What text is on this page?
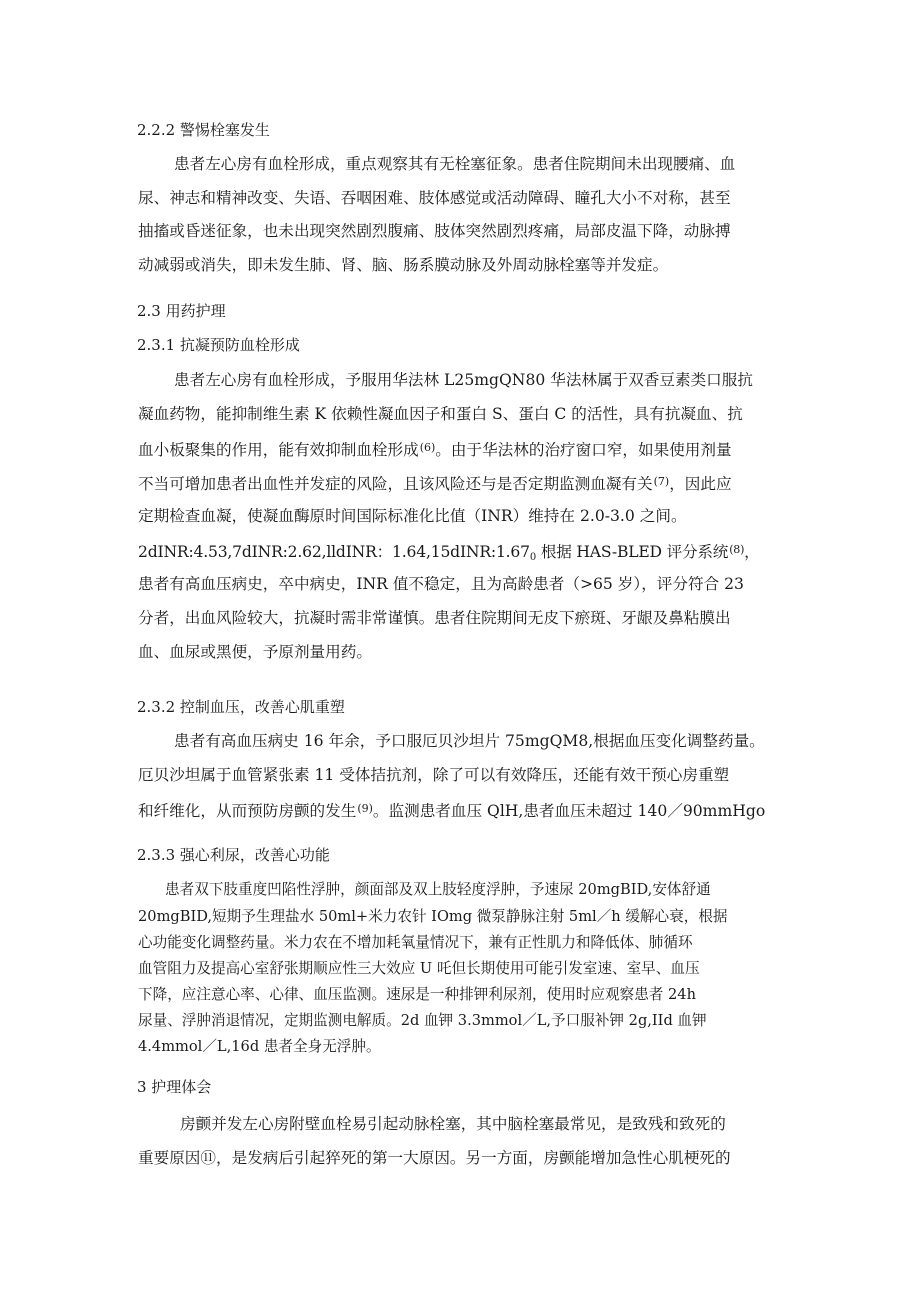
2.2.2 警惕栓塞发生

患者左心房有血栓形成，重点观察其有无栓塞征象。患者住院期间未出现腰痛、血

尿、神志和精神改变、失语、吞咽困难、肢体感觉或活动障碍、瞳孔大小不对称，甚至

抽搐或昏迷征象，也未出现突然剧烈腹痛、肢体突然剧烈疼痛，局部皮温下降，动脉搏

动减弱或消失，即未发生肺、肾、脑、肠系膜动脉及外周动脉栓塞等并发症。

2.3 用药护理

2.3.1 抗凝预防血栓形成

患者左心房有血栓形成，予服用华法林 L25mgQN80 华法林属于双香豆素类口服抗

凝血药物，能抑制维生素 K 依赖性凝血因子和蛋白 S、蛋白 C 的活性，具有抗凝血、抗

血小板聚集的作用，能有效抑制血栓形成$^{(6)}$。由于华法林的治疗窗口窄，如果使用剂量

不当可增加患者出血性并发症的风险，且该风险还与是否定期监测血凝有关$^{(7)}$，因此应

定期检查血凝，使凝血酶原时间国际标准化比值（INR）维持在 2.0-3.0 之间。

2dINR:4.53,7dINR:2.62,lldINR：$1.64,15dINR:1.67_0$ 根据 HAS-BLED 评分系统$^{(8)}$，

患者有高血压病史，卒中病史，INR 值不稳定，且为高龄患者（>65 岁），评分符合 23

分者，出血风险较大，抗凝时需非常谨慎。患者住院期间无皮下瘀斑、牙龈及鼻粘膜出

血、血尿或黑便，予原剂量用药。

2.3.2 控制血压，改善心肌重塑

患者有高血压病史 16 年余，予口服厄贝沙坦片 75mgQM8,根据血压变化调整药量。

厄贝沙坦属于血管紧张素 11 受体拮抗剂，除了可以有效降压，还能有效干预心房重塑

和纤维化，从而预防房颤的发生$^{(9)}$。监测患者血压 QlH,患者血压未超过 140／90mmHgo

2.3.3 强心利尿，改善心功能

患者双下肢重度凹陷性浮肿，颜面部及双上肢轻度浮肿，予速尿 20mgBID,安体舒通

20mgBID,短期予生理盐水 50ml+米力农针 IOmg 微泵静脉注射 5ml／h 缓解心衰，根据

心功能变化调整药量。米力农在不增加耗氧量情况下，兼有正性肌力和降低体、肺循环

血管阻力及提高心室舒张期顺应性三大效应 U 吒但长期使用可能引发室速、室早、血压

下降，应注意心率、心律、血压监测。速尿是一种排钾利尿剂，使用时应观察患者 24h

尿量、浮肿消退情况，定期监测电解质。2d 血钾 3.3mmol／L,予口服补钾 2g,IId 血钾

4.4mmol／L,16d 患者全身无浮肿。

3 护理体会

房颤并发左心房附壁血栓易引起动脉栓塞，其中脑栓塞最常见，是致残和致死的

重要原因⑪，是发病后引起猝死的第一大原因。另一方面，房颤能增加急性心肌梗死的
